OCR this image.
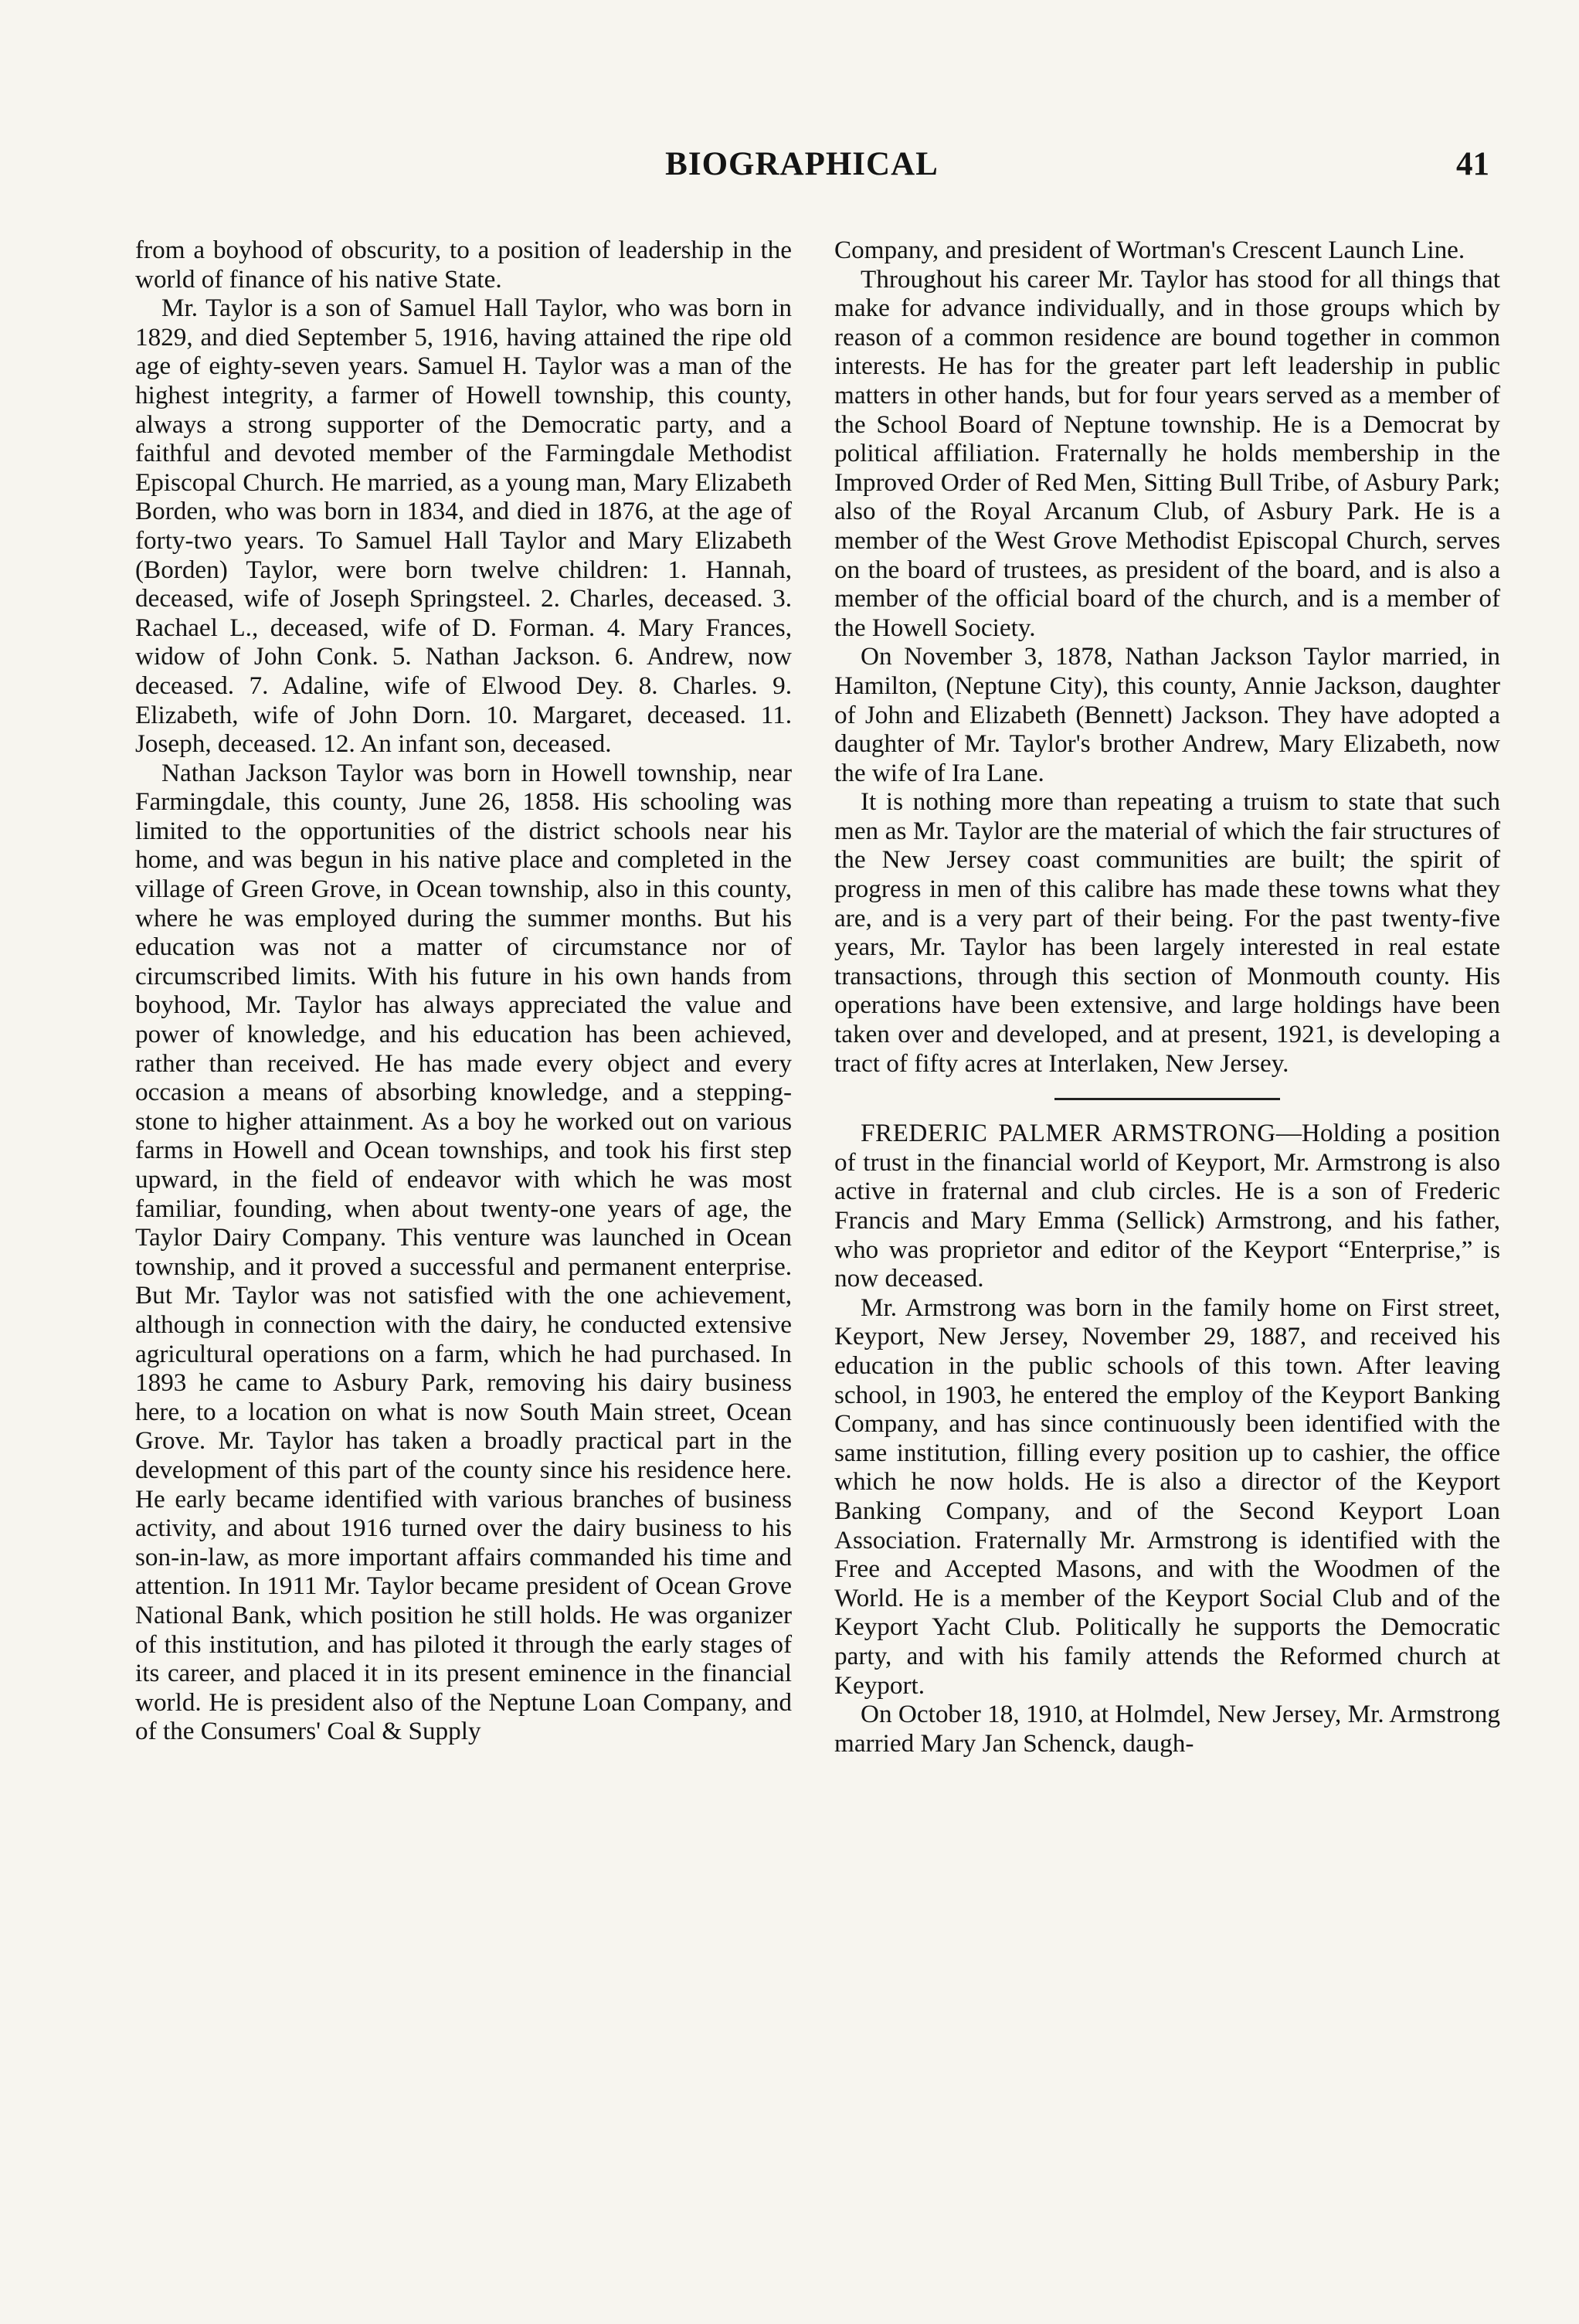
BIOGRAPHICAL	41

from a boyhood of obscurity, to a position of leadership in the world of finance of his native State.

Mr. Taylor is a son of Samuel Hall Taylor, who was born in 1829, and died September 5, 1916, having attained the ripe old age of eighty-seven years. Samuel H. Taylor was a man of the highest integrity, a farmer of Howell township, this county, always a strong supporter of the Democratic party, and a faithful and devoted member of the Farmingdale Methodist Episcopal Church. He married, as a young man, Mary Elizabeth Borden, who was born in 1834, and died in 1876, at the age of forty-two years. To Samuel Hall Taylor and Mary Elizabeth (Borden) Taylor, were born twelve children: 1. Hannah, deceased, wife of Joseph Springsteel. 2. Charles, deceased. 3. Rachael L., deceased, wife of D. Forman. 4. Mary Frances, widow of John Conk. 5. Nathan Jackson. 6. Andrew, now deceased. 7. Adaline, wife of Elwood Dey. 8. Charles. 9. Elizabeth, wife of John Dorn. 10. Margaret, deceased. 11. Joseph, deceased. 12. An infant son, deceased.

Nathan Jackson Taylor was born in Howell township, near Farmingdale, this county, June 26, 1858. His schooling was limited to the opportunities of the district schools near his home, and was begun in his native place and completed in the village of Green Grove, in Ocean township, also in this county, where he was employed during the summer months. But his education was not a matter of circumstance nor of circumscribed limits. With his future in his own hands from boyhood, Mr. Taylor has always appreciated the value and power of knowledge, and his education has been achieved, rather than received. He has made every object and every occasion a means of absorbing knowledge, and a stepping-stone to higher attainment. As a boy he worked out on various farms in Howell and Ocean townships, and took his first step upward, in the field of endeavor with which he was most familiar, founding, when about twenty-one years of age, the Taylor Dairy Company. This venture was launched in Ocean township, and it proved a successful and permanent enterprise. But Mr. Taylor was not satisfied with the one achievement, although in connection with the dairy, he conducted extensive agricultural operations on a farm, which he had purchased. In 1893 he came to Asbury Park, removing his dairy business here, to a location on what is now South Main street, Ocean Grove. Mr. Taylor has taken a broadly practical part in the development of this part of the county since his residence here. He early became identified with various branches of business activity, and about 1916 turned over the dairy business to his son-in-law, as more important affairs commanded his time and attention. In 1911 Mr. Taylor became president of Ocean Grove National Bank, which position he still holds. He was organizer of this institution, and has piloted it through the early stages of its career, and placed it in its present eminence in the financial world. He is president also of the Neptune Loan Company, and of the Consumers' Coal & Supply

Company, and president of Wortman's Crescent Launch Line.

Throughout his career Mr. Taylor has stood for all things that make for advance individually, and in those groups which by reason of a common residence are bound together in common interests. He has for the greater part left leadership in public matters in other hands, but for four years served as a member of the School Board of Neptune township. He is a Democrat by political affiliation. Fraternally he holds membership in the Improved Order of Red Men, Sitting Bull Tribe, of Asbury Park; also of the Royal Arcanum Club, of Asbury Park. He is a member of the West Grove Methodist Episcopal Church, serves on the board of trustees, as president of the board, and is also a member of the official board of the church, and is a member of the Howell Society.

On November 3, 1878, Nathan Jackson Taylor married, in Hamilton, (Neptune City), this county, Annie Jackson, daughter of John and Elizabeth (Bennett) Jackson. They have adopted a daughter of Mr. Taylor's brother Andrew, Mary Elizabeth, now the wife of Ira Lane.

It is nothing more than repeating a truism to state that such men as Mr. Taylor are the material of which the fair structures of the New Jersey coast communities are built; the spirit of progress in men of this calibre has made these towns what they are, and is a very part of their being. For the past twenty-five years, Mr. Taylor has been largely interested in real estate transactions, through this section of Monmouth county. His operations have been extensive, and large holdings have been taken over and developed, and at present, 1921, is developing a tract of fifty acres at Interlaken, New Jersey.

FREDERIC PALMER ARMSTRONG—Holding a position of trust in the financial world of Keyport, Mr. Armstrong is also active in fraternal and club circles. He is a son of Frederic Francis and Mary Emma (Sellick) Armstrong, and his father, who was proprietor and editor of the Keyport “Enterprise,” is now deceased.

Mr. Armstrong was born in the family home on First street, Keyport, New Jersey, November 29, 1887, and received his education in the public schools of this town. After leaving school, in 1903, he entered the employ of the Keyport Banking Company, and has since continuously been identified with the same institution, filling every position up to cashier, the office which he now holds. He is also a director of the Keyport Banking Company, and of the Second Keyport Loan Association. Fraternally Mr. Armstrong is identified with the Free and Accepted Masons, and with the Woodmen of the World. He is a member of the Keyport Social Club and of the Keyport Yacht Club. Politically he supports the Democratic party, and with his family attends the Reformed church at Keyport.

On October 18, 1910, at Holmdel, New Jersey, Mr. Armstrong married Mary Jan Schenck, daugh-
